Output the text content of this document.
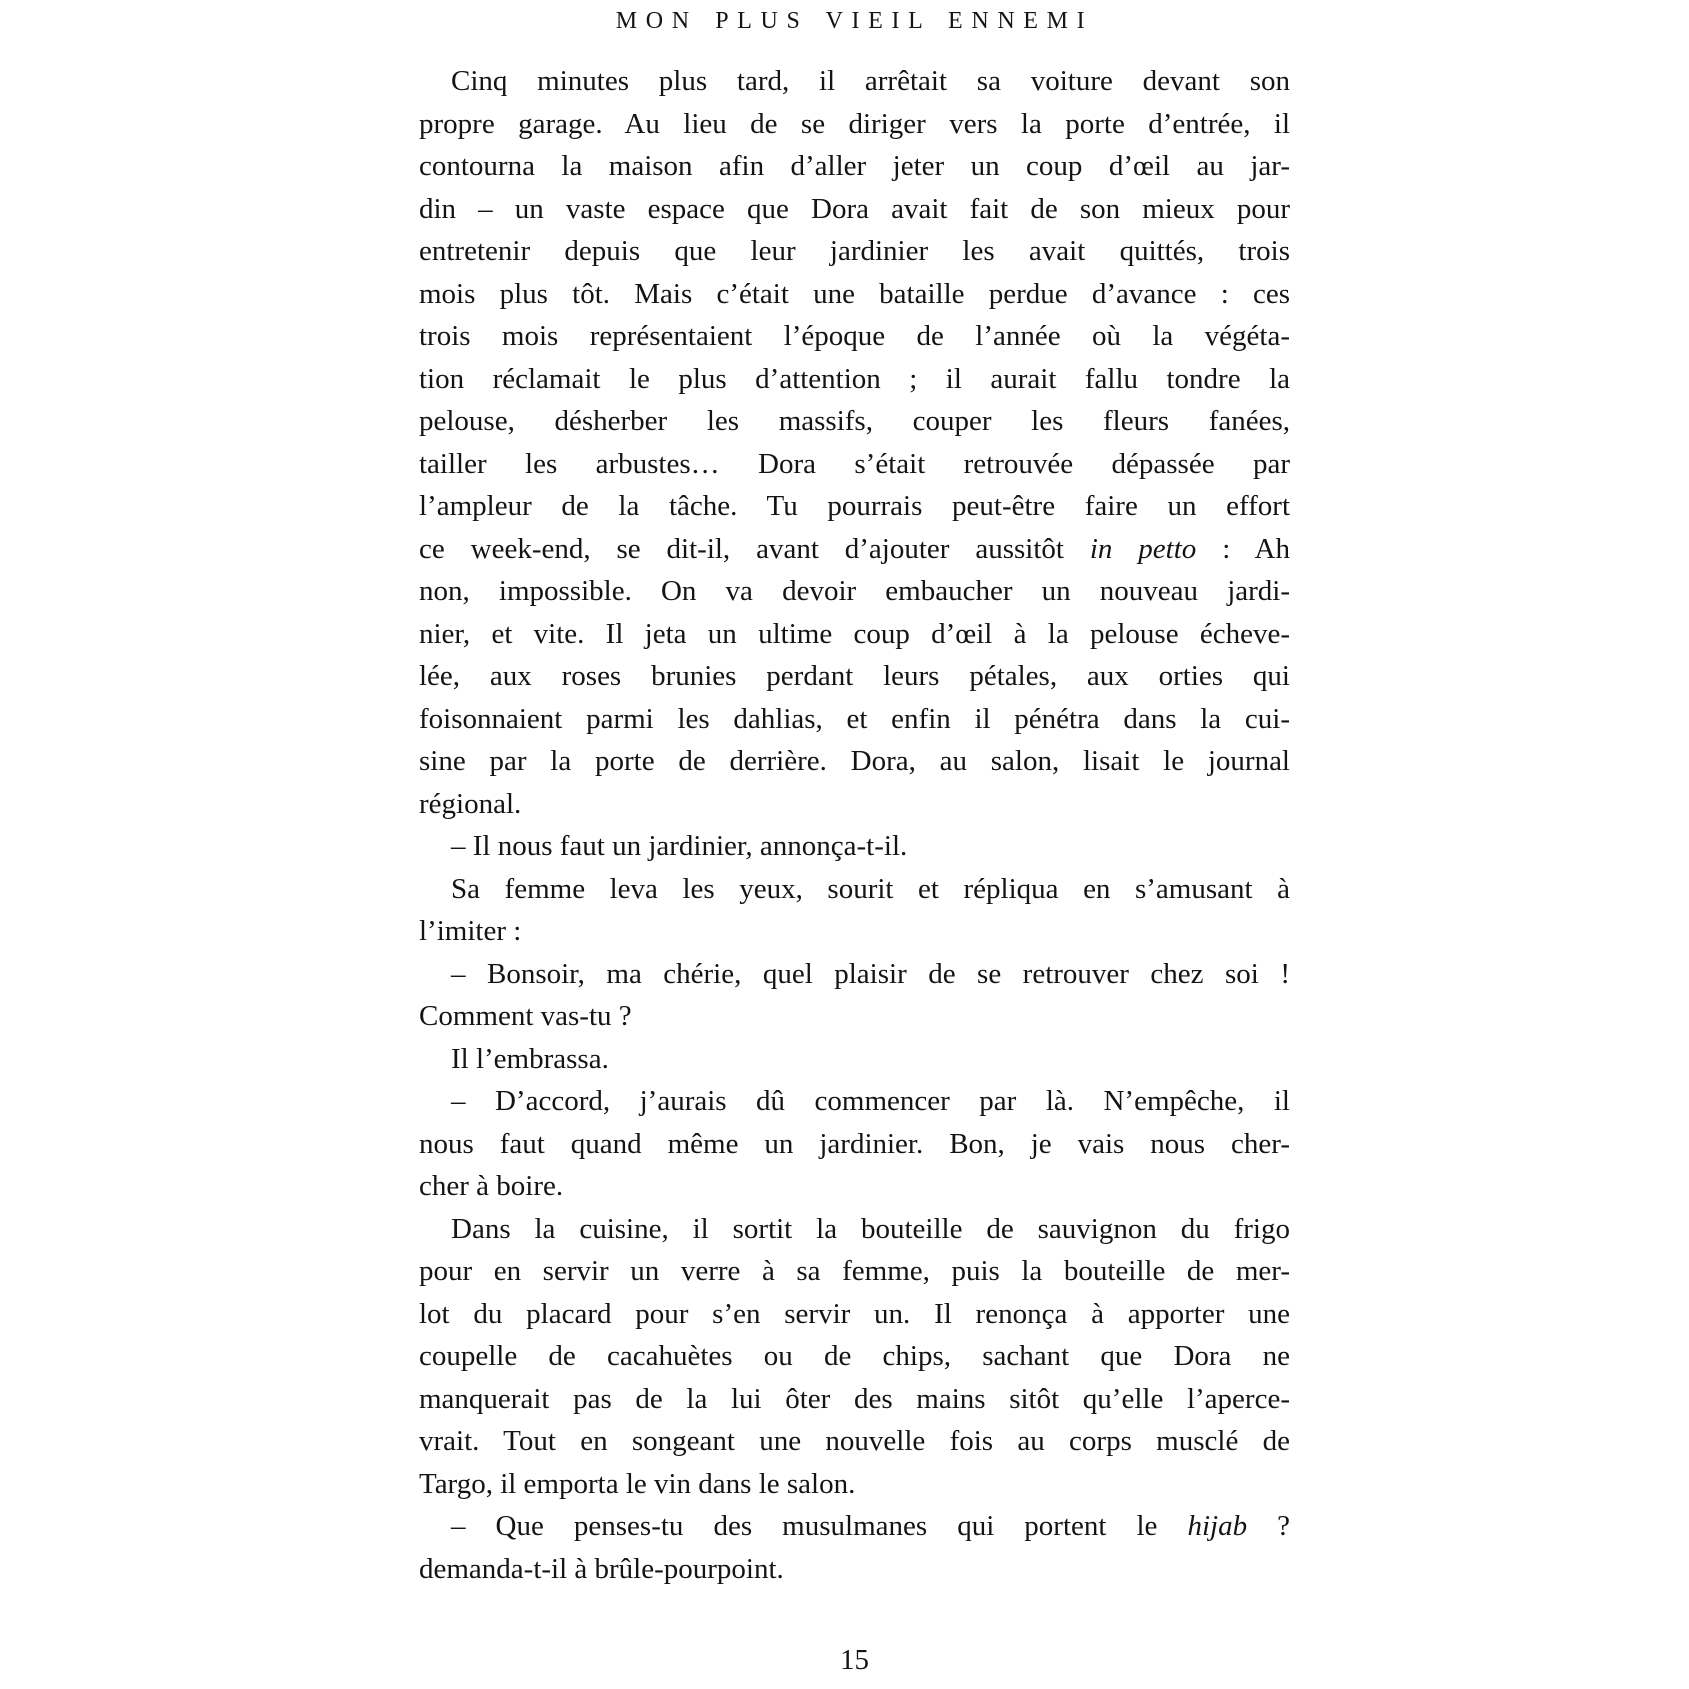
MON PLUS VIEIL ENNEMI
Cinq minutes plus tard, il arrêtait sa voiture devant son
propre garage. Au lieu de se diriger vers la porte d’entrée, il
contourna la maison afin d’aller jeter un coup d’œil au jar-
din – un vaste espace que Dora avait fait de son mieux pour
entretenir depuis que leur jardinier les avait quittés, trois
mois plus tôt. Mais c’était une bataille perdue d’avance : ces
trois mois représentaient l’époque de l’année où la végéta-
tion réclamait le plus d’attention ; il aurait fallu tondre la
pelouse, désherber les massifs, couper les fleurs fanées,
tailler les arbustes… Dora s’était retrouvée dépassée par
l’ampleur de la tâche. Tu pourrais peut-être faire un effort
ce week-end, se dit-il, avant d’ajouter aussitôt in petto : Ah
non, impossible. On va devoir embaucher un nouveau jardi-
nier, et vite. Il jeta un ultime coup d’œil à la pelouse écheve-
lée, aux roses brunies perdant leurs pétales, aux orties qui
foisonnaient parmi les dahlias, et enfin il pénétra dans la cui-
sine par la porte de derrière. Dora, au salon, lisait le journal
régional.
– Il nous faut un jardinier, annonça-t-il.
Sa femme leva les yeux, sourit et répliqua en s’amusant à
l’imiter :
– Bonsoir, ma chérie, quel plaisir de se retrouver chez soi !
Comment vas-tu ?
Il l’embrassa.
– D’accord, j’aurais dû commencer par là. N’empêche, il
nous faut quand même un jardinier. Bon, je vais nous cher-
cher à boire.
Dans la cuisine, il sortit la bouteille de sauvignon du frigo
pour en servir un verre à sa femme, puis la bouteille de mer-
lot du placard pour s’en servir un. Il renonça à apporter une
coupelle de cacahuètes ou de chips, sachant que Dora ne
manquerait pas de la lui ôter des mains sitôt qu’elle l’aperce-
vrait. Tout en songeant une nouvelle fois au corps musclé de
Targo, il emporta le vin dans le salon.
– Que penses-tu des musulmanes qui portent le hijab ?
demanda-t-il à brûle-pourpoint.
15
